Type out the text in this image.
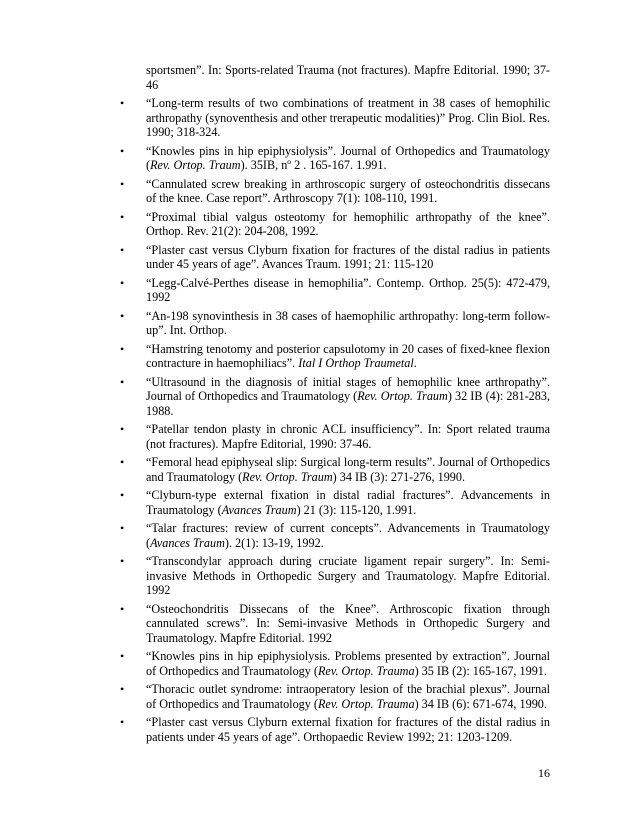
sportsmen”. In: Sports-related Trauma (not fractures). Mapfre Editorial. 1990; 37-46
• “Long-term results of two combinations of treatment in 38 cases of hemophilic arthropathy (synoventhesis and other trerapeutic modalities)” Prog. Clin Biol. Res. 1990; 318-324.
• “Knowles pins in hip epiphysiolysis”. Journal of Orthopedics and Traumatology (Rev. Ortop. Traum). 35IB, nº 2 . 165-167. 1.991.
• “Cannulated screw breaking in arthroscopic surgery of osteochondritis dissecans of the knee. Case report”. Arthroscopy 7(1): 108-110, 1991.
• “Proximal tibial valgus osteotomy for hemophilic arthropathy of the knee”. Orthop. Rev. 21(2): 204-208, 1992.
• “Plaster cast versus Clyburn fixation for fractures of the distal radius in patients under 45 years of age”. Avances Traum. 1991; 21: 115-120
• “Legg-Calvé-Perthes disease in hemophilia”. Contemp. Orthop. 25(5): 472-479, 1992
• “An-198 synovinthesis in 38 cases of haemophilic arthropathy: long-term follow-up”. Int. Orthop.
• “Hamstring tenotomy and posterior capsulotomy in 20 cases of fixed-knee flexion contracture in haemophiliacs”. Ital I Orthop Traumetal.
• “Ultrasound in the diagnosis of initial stages of hemophilic knee arthropathy”. Journal of Orthopedics and Traumatology (Rev. Ortop. Traum) 32 IB (4): 281-283, 1988.
• “Patellar tendon plasty in chronic ACL insufficiency”. In: Sport related trauma (not fractures). Mapfre Editorial, 1990: 37-46.
• “Femoral head epiphyseal slip: Surgical long-term results”. Journal of Orthopedics and Traumatology (Rev. Ortop. Traum) 34 IB (3): 271-276, 1990.
• “Clyburn-type external fixation in distal radial fractures”. Advancements in Traumatology (Avances Traum) 21 (3): 115-120, 1.991.
• “Talar fractures: review of current concepts”. Advancements in Traumatology (Avances Traum). 2(1): 13-19, 1992.
• “Transcondylar approach during cruciate ligament repair surgery”. In: Semi-invasive Methods in Orthopedic Surgery and Traumatology. Mapfre Editorial. 1992
• “Osteochondritis Dissecans of the Knee”. Arthroscopic fixation through cannulated screws”. In: Semi-invasive Methods in Orthopedic Surgery and Traumatology. Mapfre Editorial. 1992
• “Knowles pins in hip epiphysiolysis. Problems presented by extraction”. Journal of Orthopedics and Traumatology (Rev. Ortop. Trauma) 35 IB (2): 165-167, 1991.
• “Thoracic outlet syndrome: intraoperatory lesion of the brachial plexus”. Journal of Orthopedics and Traumatology (Rev. Ortop. Trauma) 34 IB (6): 671-674, 1990.
• “Plaster cast versus Clyburn external fixation for fractures of the distal radius in patients under 45 years of age”. Orthopaedic Review 1992; 21: 1203-1209.
16
